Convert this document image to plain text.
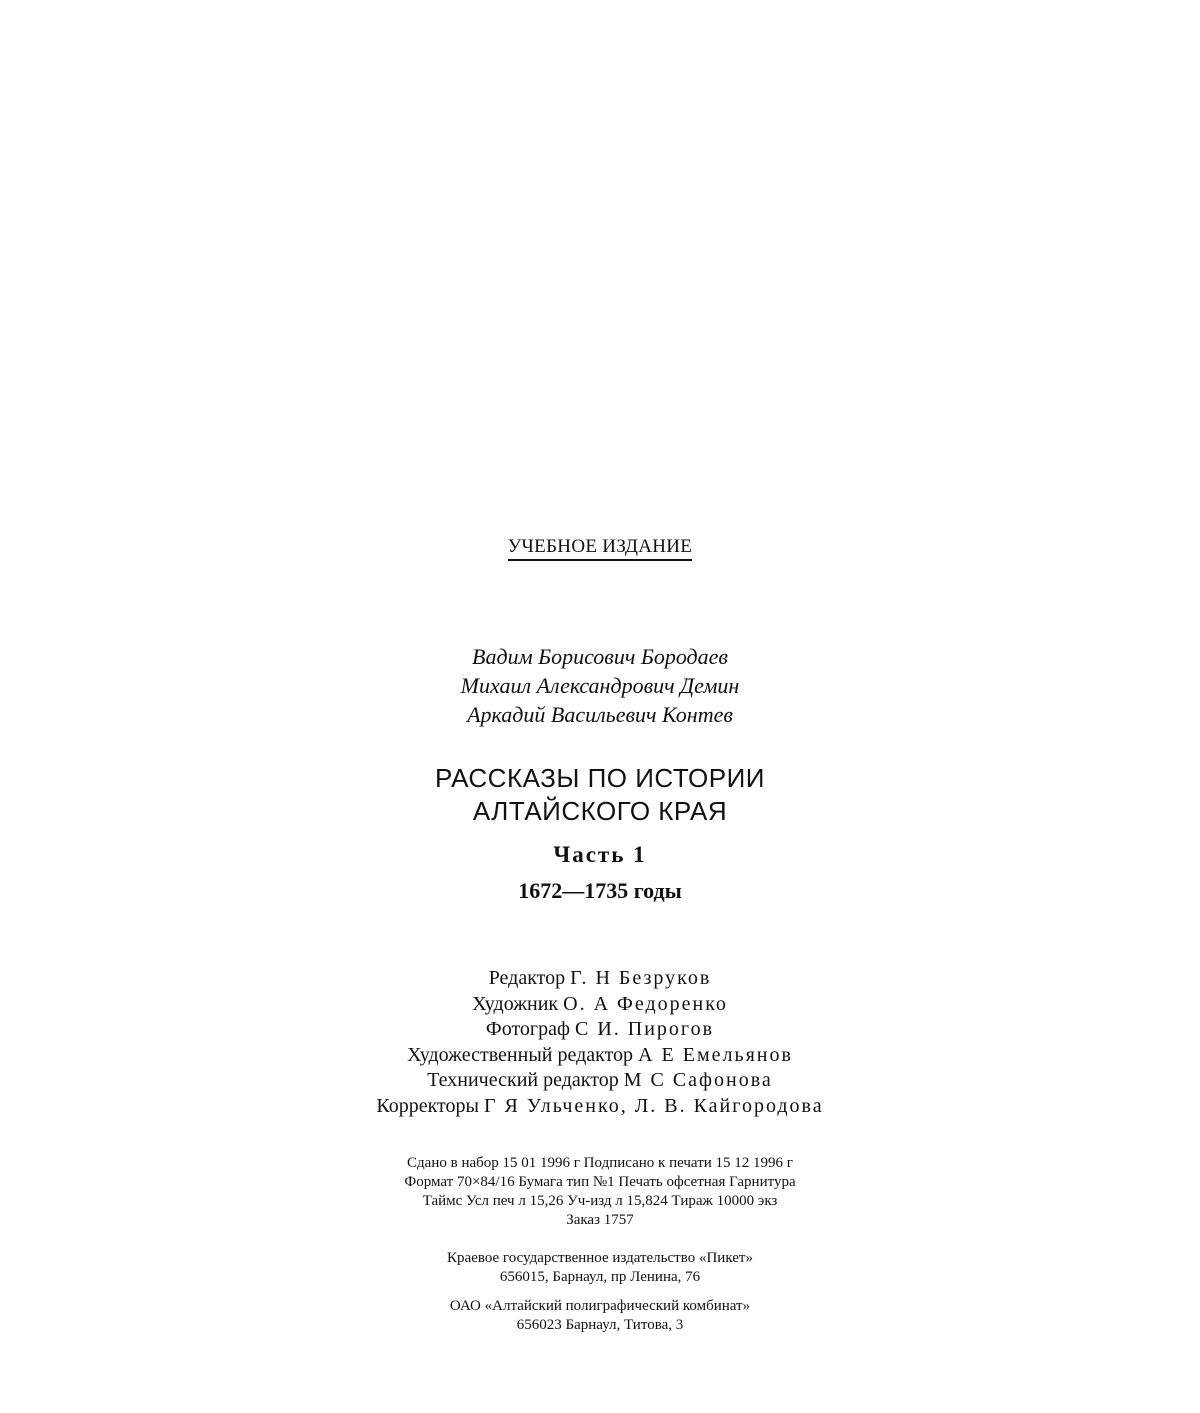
УЧЕБНОЕ ИЗДАНИЕ
Вадим Борисович Бородаев
Михаил Александрович Демин
Аркадий Васильевич Контев
РАССКАЗЫ ПО ИСТОРИИ
АЛТАЙСКОГО КРАЯ
Часть 1
1672—1735 годы
Редактор Г. Н Безруков
Художник О. А Федоренко
Фотограф С И. Пирогов
Художественный редактор А Е Емельянов
Технический редактор М С Сафонова
Корректоры Г Я Ульченко, Л. В. Кайгородова
Сдано в набор 15 01 1996 г Подписано к печати 15 12 1996 г
Формат 70×84/16 Бумага тип №1 Печать офсетная Гарнитура
Таймс Усл печ л 15,26 Уч-изд л 15,824 Тираж 10000 экз
Заказ 1757
Краевое государственное издательство «Пикет»
656015, Барнаул, пр Ленина, 76
ОАО «Алтайский полиграфический комбинат»
656023 Барнаул, Титова, 3
